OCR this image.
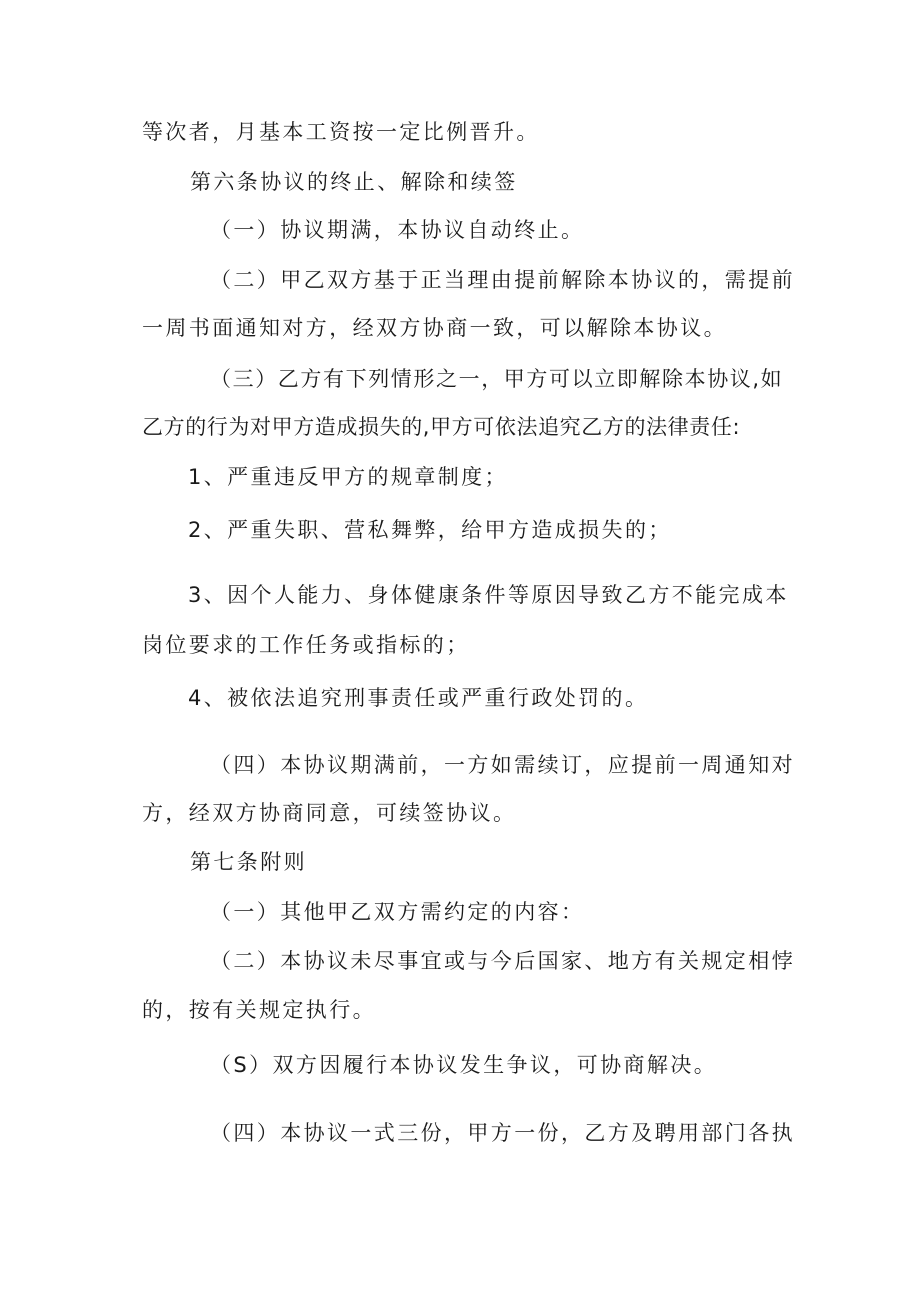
等次者，月基本工资按一定比例晋升。
第六条协议的终止、解除和续签
（一）协议期满，本协议自动终止。
（二）甲乙双方基于正当理由提前解除本协议的，需提前
一周书面通知对方，经双方协商一致，可以解除本协议。
（三）乙方有下列情形之一，甲方可以立即解除本协议,如
乙方的行为对甲方造成损失的,甲方可依法追究乙方的法律责任:
1、严重违反甲方的规章制度；
2、严重失职、营私舞弊，给甲方造成损失的；
3、因个人能力、身体健康条件等原因导致乙方不能完成本
岗位要求的工作任务或指标的；
4、被依法追究刑事责任或严重行政处罚的。
（四）本协议期满前，一方如需续订，应提前一周通知对
方，经双方协商同意，可续签协议。
第七条附则
（一）其他甲乙双方需约定的内容：
（二）本协议未尽事宜或与今后国家、地方有关规定相悖
的，按有关规定执行。
（S）双方因履行本协议发生争议，可协商解决。
（四）本协议一式三份，甲方一份，乙方及聘用部门各执
